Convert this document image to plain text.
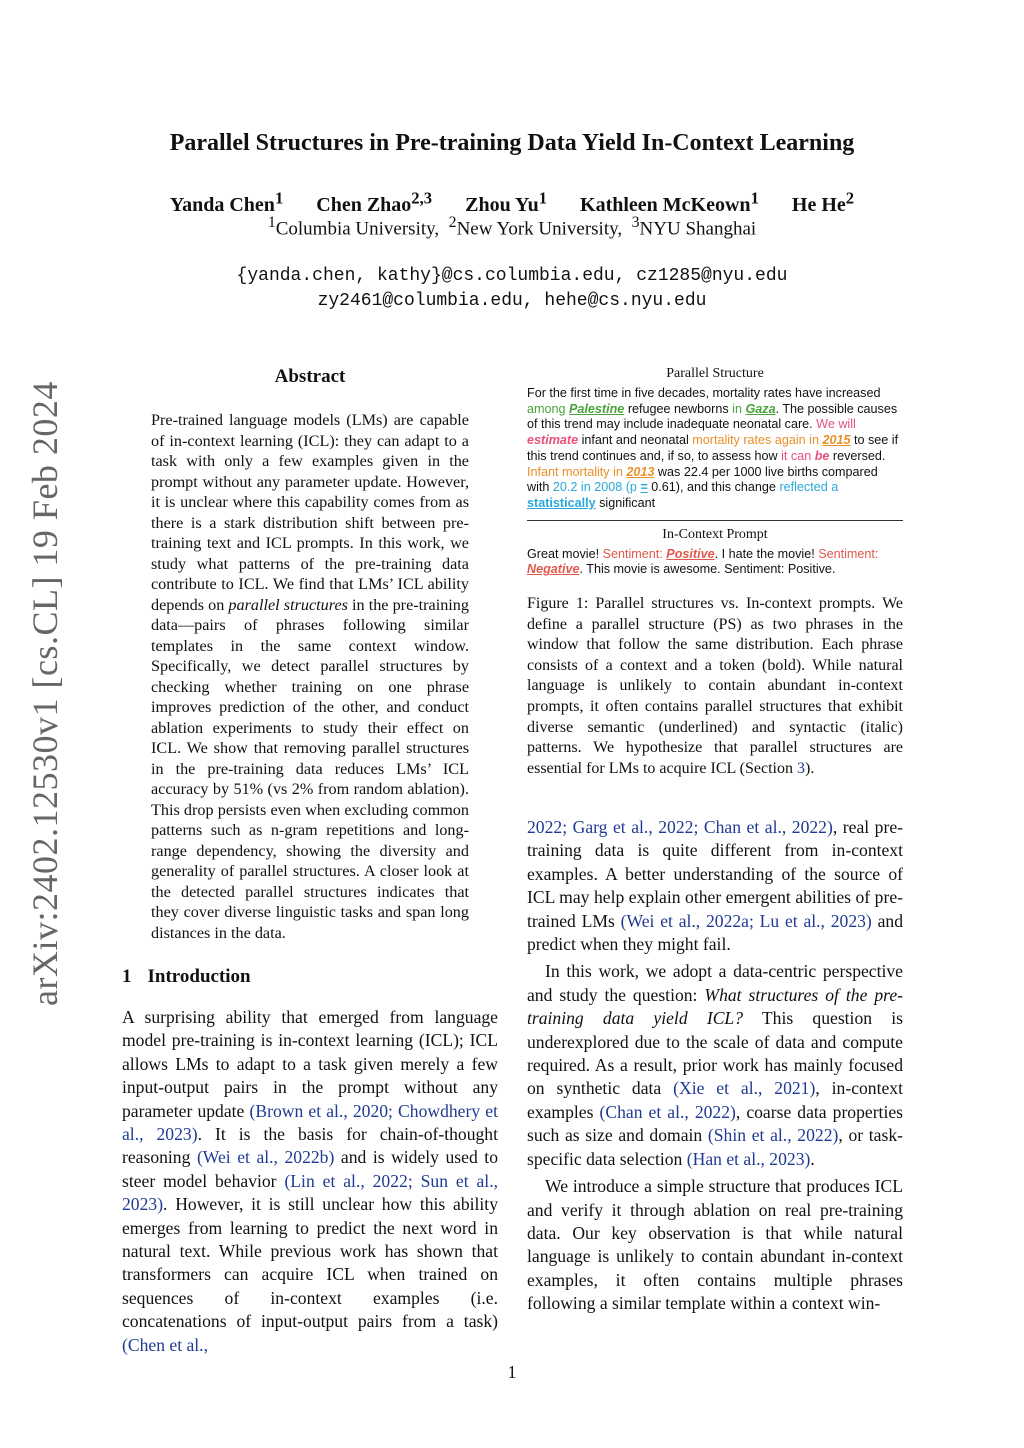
Parallel Structures in Pre-training Data Yield In-Context Learning
Yanda Chen$^1$ Chen Zhao$^{2,3}$ Zhou Yu$^1$ Kathleen McKeown$^1$ He He$^2$
$^1$Columbia University, $^2$New York University, $^3$NYU Shanghai
{yanda.chen, kathy}@cs.columbia.edu, cz1285@nyu.edu
zy2461@columbia.edu, hehe@cs.nyu.edu
arXiv:2402.12530v1 [cs.CL] 19 Feb 2024
Abstract
Pre-trained language models (LMs) are capable of in-context learning (ICL): they can adapt to a task with only a few examples given in the prompt without any parameter update. However, it is unclear where this capability comes from as there is a stark distribution shift between pre-training text and ICL prompts. In this work, we study what patterns of the pre-training data contribute to ICL. We find that LMs’ ICL ability depends on parallel structures in the pre-training data—pairs of phrases following similar templates in the same context window. Specifically, we detect parallel structures by checking whether training on one phrase improves prediction of the other, and conduct ablation experiments to study their effect on ICL. We show that removing parallel structures in the pre-training data reduces LMs’ ICL accuracy by 51% (vs 2% from random ablation). This drop persists even when excluding common patterns such as n-gram repetitions and long-range dependency, showing the diversity and generality of parallel structures. A closer look at the detected parallel structures indicates that they cover diverse linguistic tasks and span long distances in the data.
1 Introduction

A surprising ability that emerged from language model pre-training is in-context learning (ICL); ICL allows LMs to adapt to a task given merely a few input-output pairs in the prompt without any parameter update (Brown et al., 2020; Chowdhery et al., 2023). It is the basis for chain-of-thought reasoning (Wei et al., 2022b) and is widely used to steer model behavior (Lin et al., 2022; Sun et al., 2023). However, it is still unclear how this ability emerges from learning to predict the next word in natural text. While previous work has shown that transformers can acquire ICL when trained on sequences of in-context examples (i.e. concatenations of input-output pairs from a task) (Chen et al.,

Parallel Structure
For the first time in five decades, mortality rates have increased among Palestine refugee newborns in Gaza. The possible causes of this trend may include inadequate neonatal care. We will estimate infant and neonatal mortality rates again in 2015 to see if this trend continues and, if so, to assess how it can be reversed. Infant mortality in 2013 was 22.4 per 1000 live births compared with 20.2 in 2008 (p = 0.61), and this change reflected a statistically significant
In-Context Prompt
Great movie! Sentiment: Positive. I hate the movie! Sentiment: Negative. This movie is awesome. Sentiment: Positive.
Figure 1: Parallel structures vs. In-context prompts. We define a parallel structure (PS) as two phrases in the window that follow the same distribution. Each phrase consists of a context and a token (bold). While natural language is unlikely to contain abundant in-context prompts, it often contains parallel structures that exhibit diverse semantic (underlined) and syntactic (italic) patterns. We hypothesize that parallel structures are essential for LMs to acquire ICL (Section 3).

2022; Garg et al., 2022; Chan et al., 2022), real pre-training data is quite different from in-context examples. A better understanding of the source of ICL may help explain other emergent abilities of pre-trained LMs (Wei et al., 2022a; Lu et al., 2023) and predict when they might fail.

In this work, we adopt a data-centric perspective and study the question: What structures of the pre-training data yield ICL? This question is underexplored due to the scale of data and compute required. As a result, prior work has mainly focused on synthetic data (Xie et al., 2021), in-context examples (Chan et al., 2022), coarse data properties such as size and domain (Shin et al., 2022), or task-specific data selection (Han et al., 2023).

We introduce a simple structure that produces ICL and verify it through ablation on real pre-training data. Our key observation is that while natural language is unlikely to contain abundant in-context examples, it often contains multiple phrases following a similar template within a context win-

1
